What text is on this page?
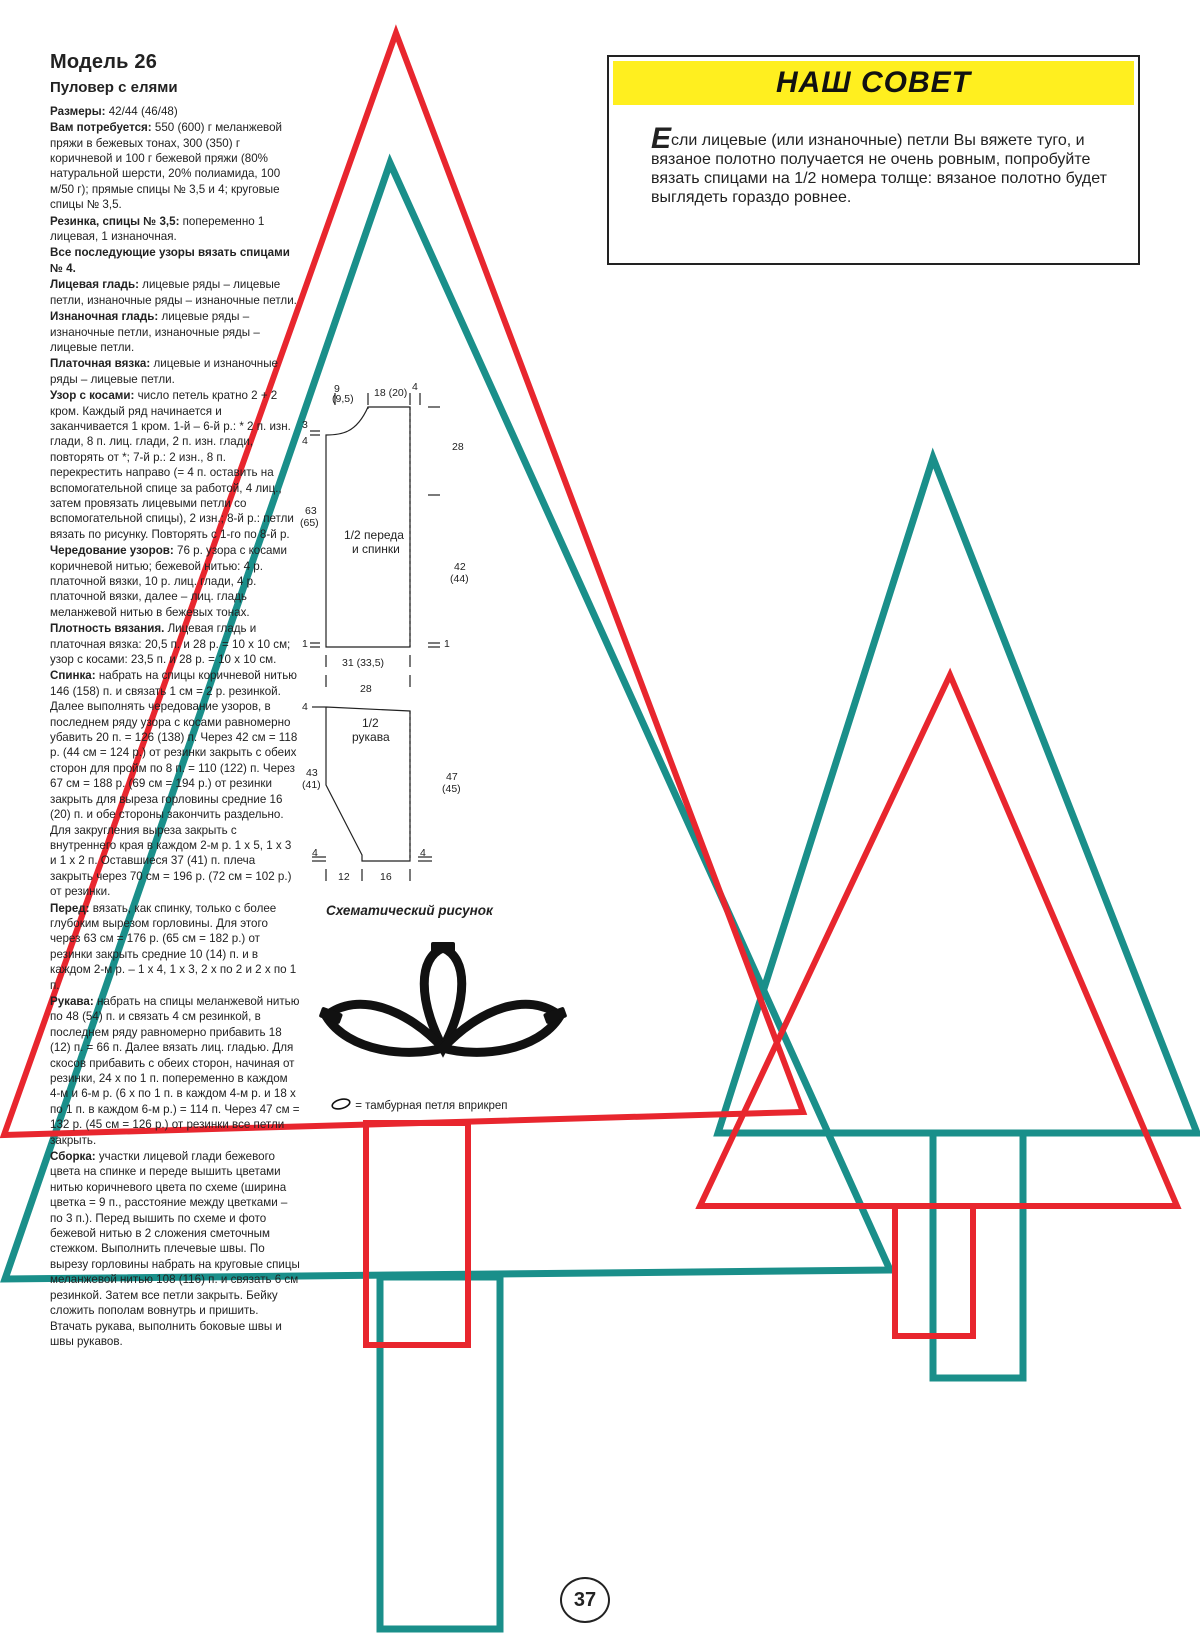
Модель 26
Пуловер с елями

Размеры: 42/44 (46/48)

Вам потребуется: 550 (600) г меланжевой пряжи в бежевых тонах, 300 (350) г коричневой и 100 г бежевой пряжи (80% натуральной шерсти, 20% полиамида, 100 м/50 г); прямые спицы № 3,5 и 4; круговые спицы № 3,5.

Резинка, спицы № 3,5: попеременно 1 лицевая, 1 изнаночная.

Все последующие узоры вязать спицами № 4.

Лицевая гладь: лицевые ряды – лицевые петли, изнаночные ряды – изнаночные петли.

Изнаночная гладь: лицевые ряды – изнаночные петли, изнаночные ряды – лицевые петли.

Платочная вязка: лицевые и изнаночные ряды – лицевые петли.

Узор с косами: число петель кратно 2 + 2 кром. Каждый ряд начинается и заканчивается 1 кром. 1-й – 6-й р.: * 2 п. изн. глади, 8 п. лиц. глади, 2 п. изн. глади, повторять от *; 7-й р.: 2 изн., 8 п. перекрестить направо (= 4 п. оставить на вспомогательной спице за работой, 4 лиц., затем провязать лицевыми петли со вспомогательной спицы), 2 изн.; 8-й р.: петли вязать по рисунку. Повторять с 1-го по 8-й р.

Чередование узоров: 76 р. узора с косами коричневой нитью; бежевой нитью: 4 р. платочной вязки, 10 р. лиц. глади, 4 р. платочной вязки, далее – лиц. гладь меланжевой нитью в бежевых тонах.

Плотность вязания. Лицевая гладь и платочная вязка: 20,5 п. и 28 р. = 10 х 10 см; узор с косами: 23,5 п. и 28 р. = 10 х 10 см.

Спинка: набрать на спицы коричневой нитью 146 (158) п. и связать 1 см = 2 р. резинкой. Далее выполнять чередование узоров, в последнем ряду узора с косами равномерно убавить 20 п. = 126 (138) п. Через 42 см = 118 р. (44 см = 124 р.) от резинки закрыть с обеих сторон для пройм по 8 п. = 110 (122) п. Через 67 см = 188 р. (69 см = 194 р.) от резинки закрыть для выреза горловины средние 16 (20) п. и обе стороны закончить раздельно. Для закругления выреза закрыть с внутреннего края в каждом 2-м р. 1 х 5, 1 х 3 и 1 х 2 п. Оставшиеся 37 (41) п. плеча закрыть через 70 см = 196 р. (72 см = 102 р.) от резинки.

Перед: вязать, как спинку, только с более глубоким вырезом горловины. Для этого через 63 см = 176 р. (65 см = 182 р.) от резинки закрыть средние 10 (14) п. и в каждом 2-м р. – 1 х 4, 1 х 3, 2 х по 2 и 2 х по 1 п.

Рукава: набрать на спицы меланжевой нитью по 48 (54) п. и связать 4 см резинкой, в последнем ряду равномерно прибавить 18 (12) п. = 66 п. Далее вязать лиц. гладью. Для скосов прибавить с обеих сторон, начиная от резинки, 24 х по 1 п. попеременно в каждом 4-м и 6-м р. (6 х по 1 п. в каждом 4-м р. и 18 х по 1 п. в каждом 6-м р.) = 114 п. Через 47 см = 132 р. (45 см = 126 р.) от резинки все петли закрыть.

Сборка: участки лицевой глади бежевого цвета на спинке и переде вышить цветами нитью коричневого цвета по схеме (ширина цветка = 9 п., расстояние между цветками – по 3 п.). Перед вышить по схеме и фото бежевой нитью в 2 сложения сметочным стежком. Выполнить плечевые швы. По вырезу горловины набрать на круговые спицы меланжевой нитью 108 (116) п. и связать 6 см резинкой. Затем все петли закрыть. Бейку сложить пополам вовнутрь и пришить. Втачать рукава, выполнить боковые швы и швы рукавов.

НАШ СОВЕТ
Если лицевые (или изнаночные) петли Вы вяжете туго, и вязаное полотно получается не очень ровным, попробуйте вязать спицами на 1/2 номера толще: вязаное полотно будет выглядеть гораздо ровнее.
9
(9,5) 18 (20) 4
3
4	28
63
(65)
1/2 переда
и спинки
42
(44)
1	1
31 (33,5)
28
4
1/2
рукава
43
(41)
47
(45)
4	4
12	16
Схематический рисунок
= тамбурная петля вприкреп
37
